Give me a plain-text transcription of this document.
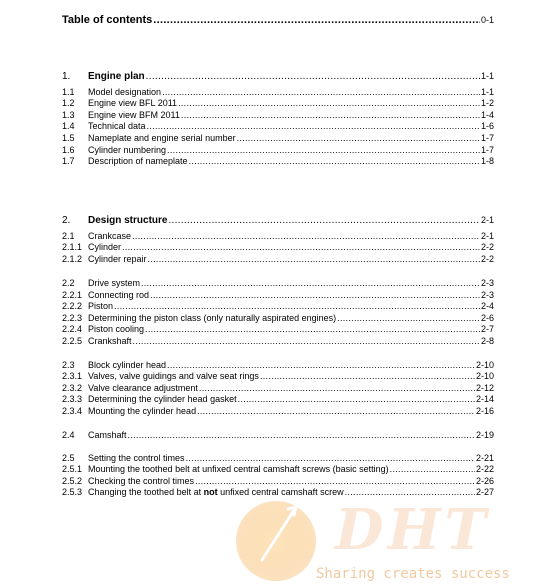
Table of contents .....	0-1
1.	Engine plan .....	1-1
1.1	Model designation .....	1-1
1.2	Engine view BFL 2011 .....	1-2
1.3	Engine view BFM 2011 .....	1-4
1.4	Technical data .....	1-6
1.5	Nameplate and engine serial number .....	1-7
1.6	Cylinder numbering .....	1-7
1.7	Description of nameplate .....	1-8
2.	Design structure .....	2-1
2.1	Crankcase .....	2-1
2.1.1 Cylinder .....	2-2
2.1.2 Cylinder repair .....	2-2
2.2	Drive system .....	2-3
2.2.1 Connecting rod .....	2-3
2.2.2 Piston .....	2-4
2.2.3 Determining the piston class (only naturally aspirated engines) .....	2-6
2.2.4 Piston cooling .....	2-7
2.2.5 Crankshaft .....	2-8
2.3	Block cylinder head .....	2-10
2.3.1 Valves, valve guidings and valve seat rings .....	2-10
2.3.2 Valve clearance adjustment .....	2-12
2.3.3 Determining the cylinder head gasket .....	2-14
2.3.4 Mounting the cylinder head .....	2-16
2.4	Camshaft .....	2-19
2.5	Setting the control times .....	2-21
2.5.1 Mounting the toothed belt at unfixed central camshaft screws (basic setting) .....	2-22
2.5.2 Checking the control times .....	2-26
2.5.3 Changing the toothed belt at not unfixed central camshaft screw .....	2-27
DHT
Sharing creates success
